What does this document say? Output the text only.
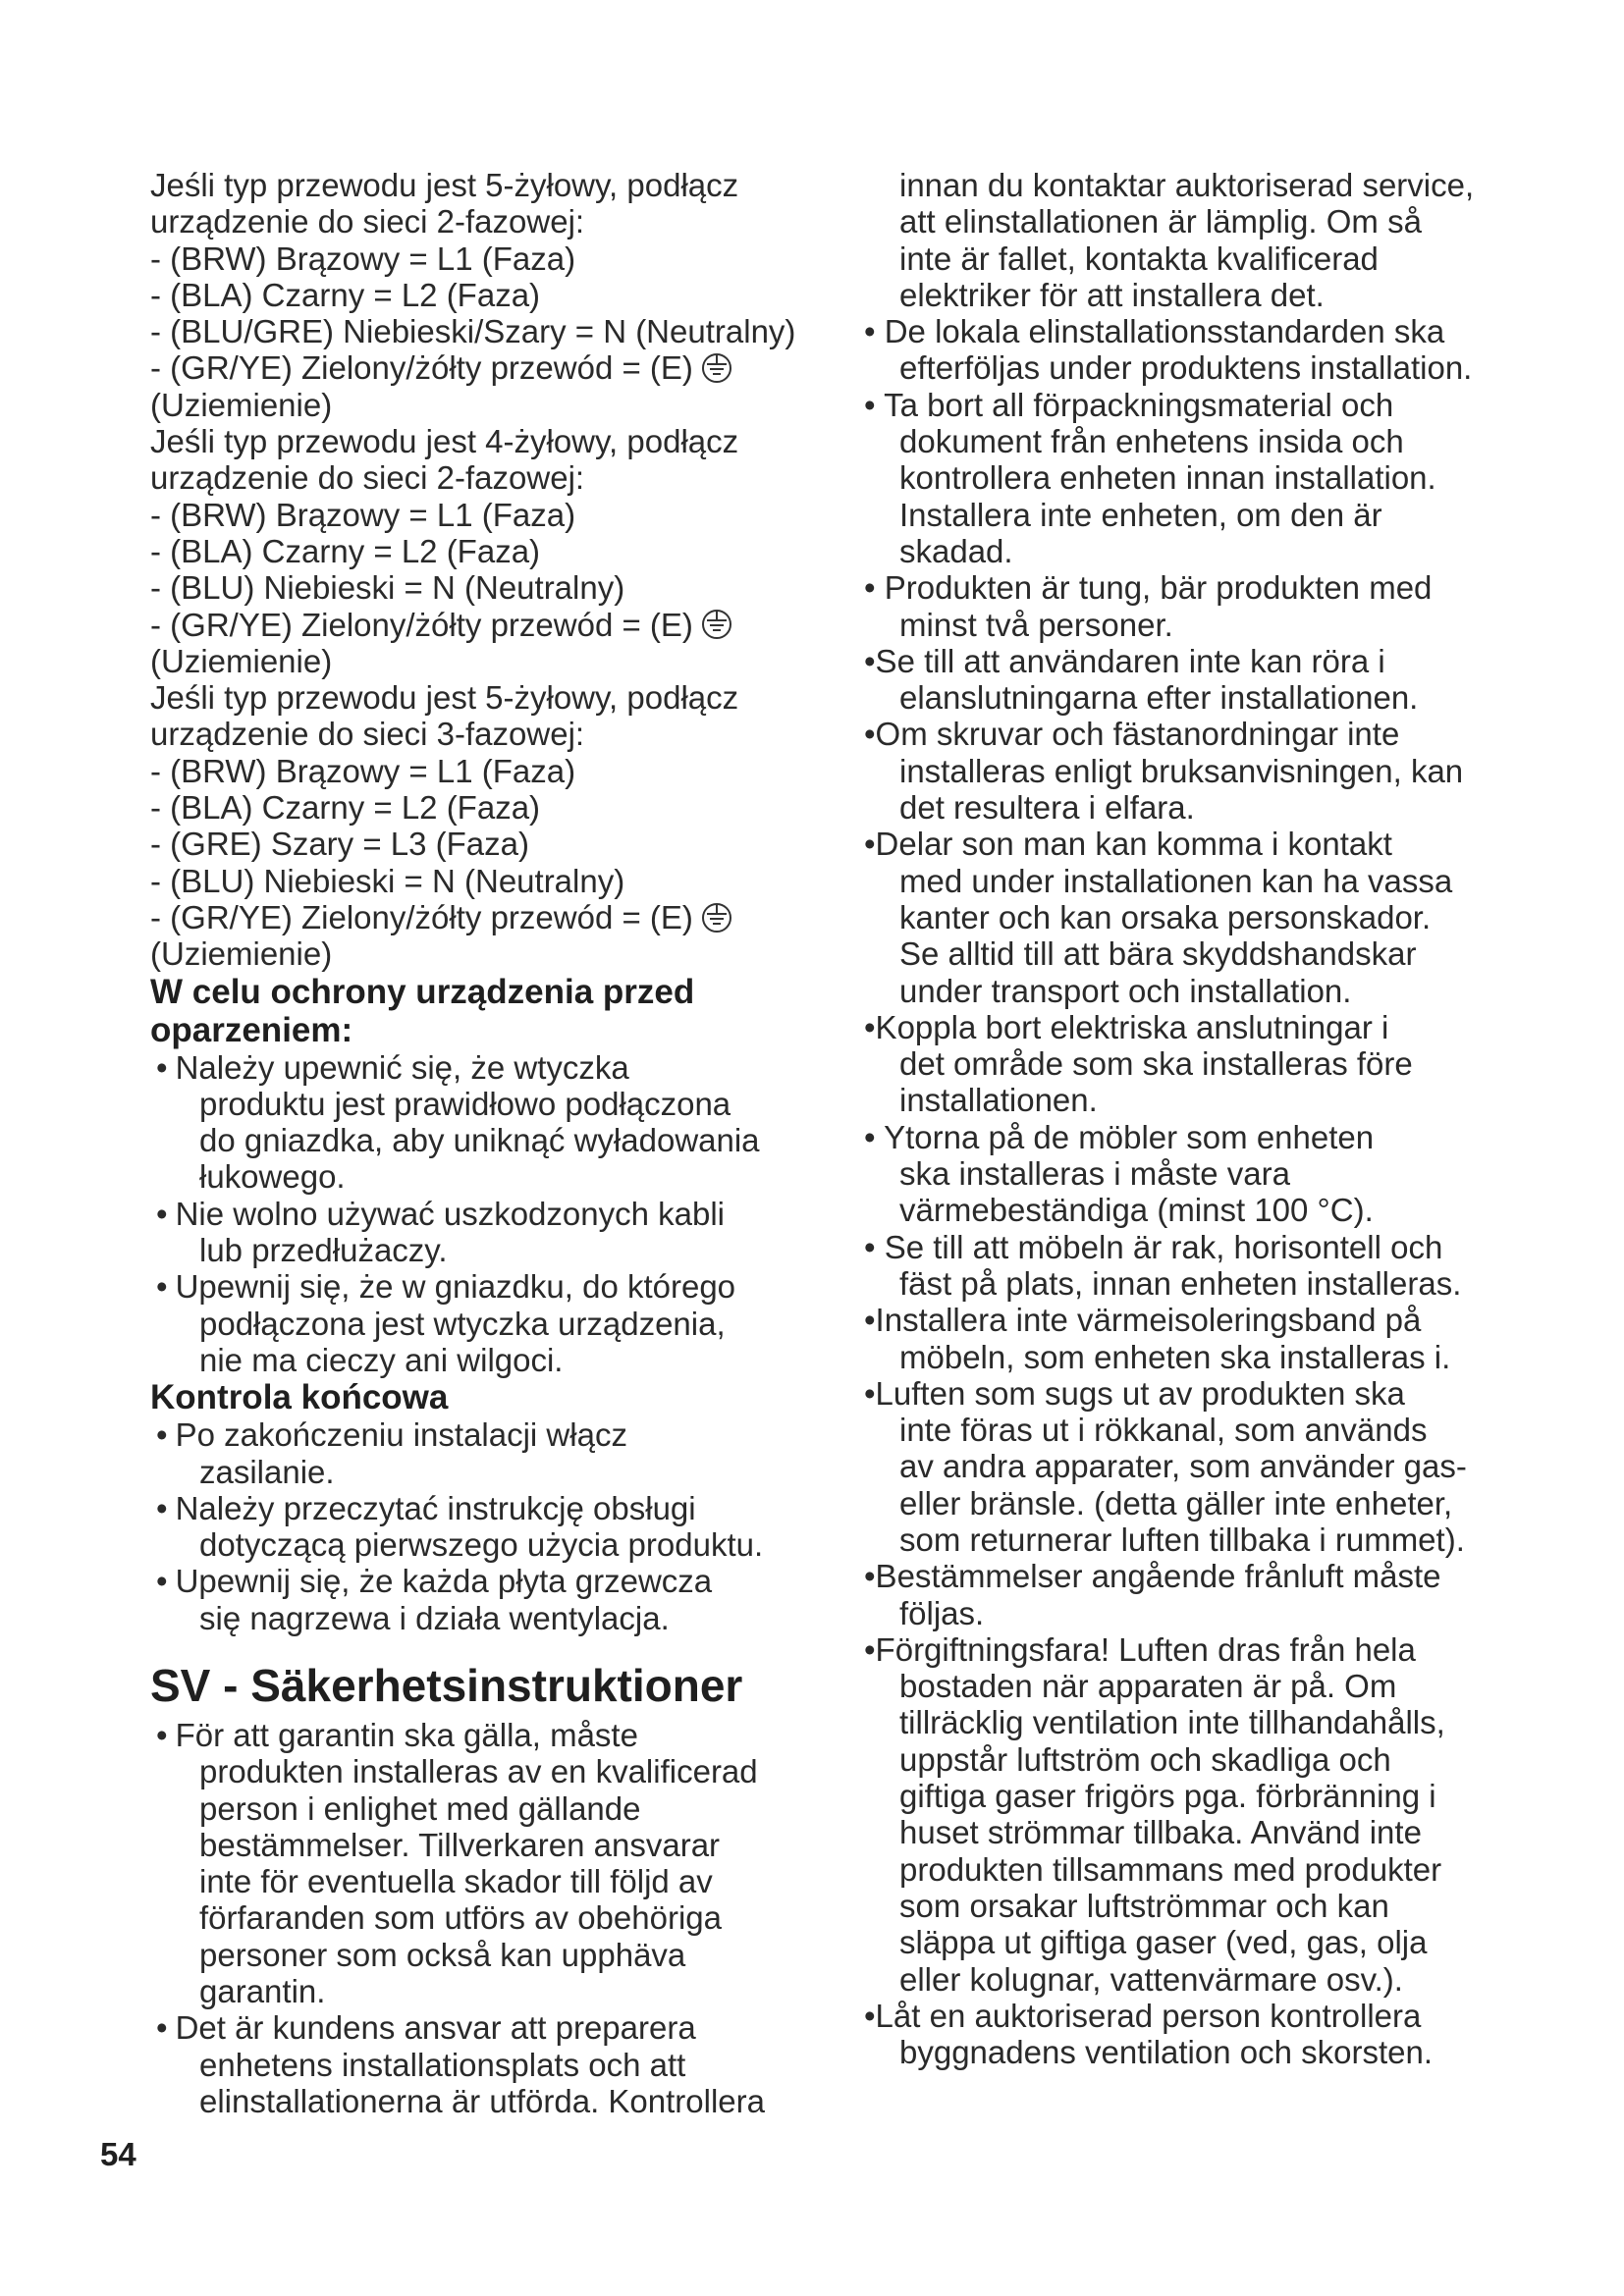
Jeśli typ przewodu jest 5-żyłowy, podłącz
urządzenie do sieci 2-fazowej:
- (BRW) Brązowy = L1 (Faza)
- (BLA) Czarny = L2 (Faza)
- (BLU/GRE) Niebieski/Szary = N (Neutralny)
- (GR/YE) Zielony/żółty przewód = (E)
(Uziemienie)
Jeśli typ przewodu jest 4-żyłowy, podłącz
urządzenie do sieci 2-fazowej:
- (BRW) Brązowy = L1 (Faza)
- (BLA) Czarny = L2 (Faza)
- (BLU) Niebieski = N (Neutralny)
- (GR/YE) Zielony/żółty przewód = (E)
(Uziemienie)
Jeśli typ przewodu jest 5-żyłowy, podłącz
urządzenie do sieci 3-fazowej:
- (BRW) Brązowy = L1 (Faza)
- (BLA) Czarny = L2 (Faza)
- (GRE) Szary = L3 (Faza)
- (BLU) Niebieski = N (Neutralny)
- (GR/YE) Zielony/żółty przewód = (E)
(Uziemienie)
W celu ochrony urządzenia przed
oparzeniem:
• Należy upewnić się, że wtyczka
produktu jest prawidłowo podłączona
do gniazdka, aby uniknąć wyładowania
łukowego.
• Nie wolno używać uszkodzonych kabli
lub przedłużaczy.
• Upewnij się, że w gniazdku, do którego
podłączona jest wtyczka urządzenia,
nie ma cieczy ani wilgoci.
Kontrola końcowa
• Po zakończeniu instalacji włącz
zasilanie.
• Należy przeczytać instrukcję obsługi
dotyczącą pierwszego użycia produktu.
• Upewnij się, że każda płyta grzewcza
się nagrzewa i działa wentylacja.
SV - Säkerhetsinstruktioner
• För att garantin ska gälla, måste
produkten installeras av en kvalificerad
person i enlighet med gällande
bestämmelser. Tillverkaren ansvarar
inte för eventuella skador till följd av
förfaranden som utförs av obehöriga
personer som också kan upphäva
garantin.
• Det är kundens ansvar att preparera
enhetens installationsplats och att
elinstallationerna är utförda. Kontrollera
innan du kontaktar auktoriserad service,
att elinstallationen är lämplig. Om så
inte är fallet, kontakta kvalificerad
elektriker för att installera det.
• De lokala elinstallationsstandarden ska
efterföljas under produktens installation.
• Ta bort all förpackningsmaterial och
dokument från enhetens insida och
kontrollera enheten innan installation.
Installera inte enheten, om den är
skadad.
• Produkten är tung, bär produkten med
minst två personer.
•Se till att användaren inte kan röra i
elanslutningarna efter installationen.
•Om skruvar och fästanordningar inte
installeras enligt bruksanvisningen, kan
det resultera i elfara.
•Delar son man kan komma i kontakt
med under installationen kan ha vassa
kanter och kan orsaka personskador.
Se alltid till att bära skyddshandskar
under transport och installation.
•Koppla bort elektriska anslutningar i
det område som ska installeras före
installationen.
• Ytorna på de möbler som enheten
ska installeras i måste vara
värmebeständiga (minst 100 °C).
• Se till att möbeln är rak, horisontell och
fäst på plats, innan enheten installeras.
•Installera inte värmeisoleringsband på
möbeln, som enheten ska installeras i.
•Luften som sugs ut av produkten ska
inte föras ut i rökkanal, som används
av andra apparater, som använder gas-
eller bränsle. (detta gäller inte enheter,
som returnerar luften tillbaka i rummet).
•Bestämmelser angående frånluft måste
följas.
•Förgiftningsfara! Luften dras från hela
bostaden när apparaten är på. Om
tillräcklig ventilation inte tillhandahålls,
uppstår luftström och skadliga och
giftiga gaser frigörs pga. förbränning i
huset strömmar tillbaka. Använd inte
produkten tillsammans med produkter
som orsakar luftströmmar och kan
släppa ut giftiga gaser (ved, gas, olja
eller kolugnar, vattenvärmare osv.).
•Låt en auktoriserad person kontrollera
byggnadens ventilation och skorsten.
54
